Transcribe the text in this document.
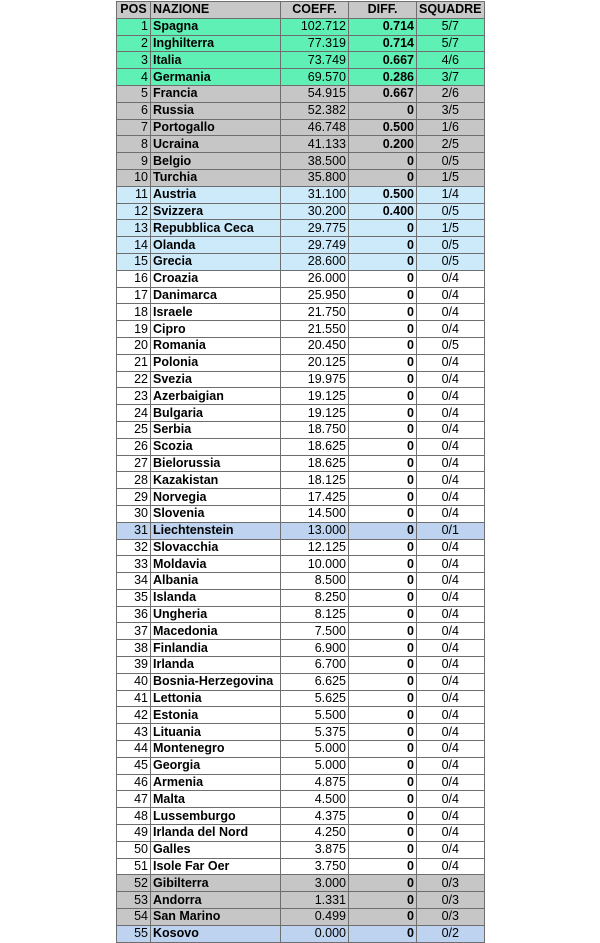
POS	NAZIONE	COEFF.	DIFF.	SQUADRE
1	Spagna	102.712	0.714	5/7
2	Inghilterra	77.319	0.714	5/7
3	Italia	73.749	0.667	4/6
4	Germania	69.570	0.286	3/7
5	Francia	54.915	0.667	2/6
6	Russia	52.382	0	3/5
7	Portogallo	46.748	0.500	1/6
8	Ucraina	41.133	0.200	2/5
9	Belgio	38.500	0	0/5
10	Turchia	35.800	0	1/5
11	Austria	31.100	0.500	1/4
12	Svizzera	30.200	0.400	0/5
13	Repubblica Ceca	29.775	0	1/5
14	Olanda	29.749	0	0/5
15	Grecia	28.600	0	0/5
16	Croazia	26.000	0	0/4
17	Danimarca	25.950	0	0/4
18	Israele	21.750	0	0/4
19	Cipro	21.550	0	0/4
20	Romania	20.450	0	0/5
21	Polonia	20.125	0	0/4
22	Svezia	19.975	0	0/4
23	Azerbaigian	19.125	0	0/4
24	Bulgaria	19.125	0	0/4
25	Serbia	18.750	0	0/4
26	Scozia	18.625	0	0/4
27	Bielorussia	18.625	0	0/4
28	Kazakistan	18.125	0	0/4
29	Norvegia	17.425	0	0/4
30	Slovenia	14.500	0	0/4
31	Liechtenstein	13.000	0	0/1
32	Slovacchia	12.125	0	0/4
33	Moldavia	10.000	0	0/4
34	Albania	8.500	0	0/4
35	Islanda	8.250	0	0/4
36	Ungheria	8.125	0	0/4
37	Macedonia	7.500	0	0/4
38	Finlandia	6.900	0	0/4
39	Irlanda	6.700	0	0/4
40	Bosnia-Herzegovina	6.625	0	0/4
41	Lettonia	5.625	0	0/4
42	Estonia	5.500	0	0/4
43	Lituania	5.375	0	0/4
44	Montenegro	5.000	0	0/4
45	Georgia	5.000	0	0/4
46	Armenia	4.875	0	0/4
47	Malta	4.500	0	0/4
48	Lussemburgo	4.375	0	0/4
49	Irlanda del Nord	4.250	0	0/4
50	Galles	3.875	0	0/4
51	Isole Far Oer	3.750	0	0/4
52	Gibilterra	3.000	0	0/3
53	Andorra	1.331	0	0/3
54	San Marino	0.499	0	0/3
55	Kosovo	0.000	0	0/2
